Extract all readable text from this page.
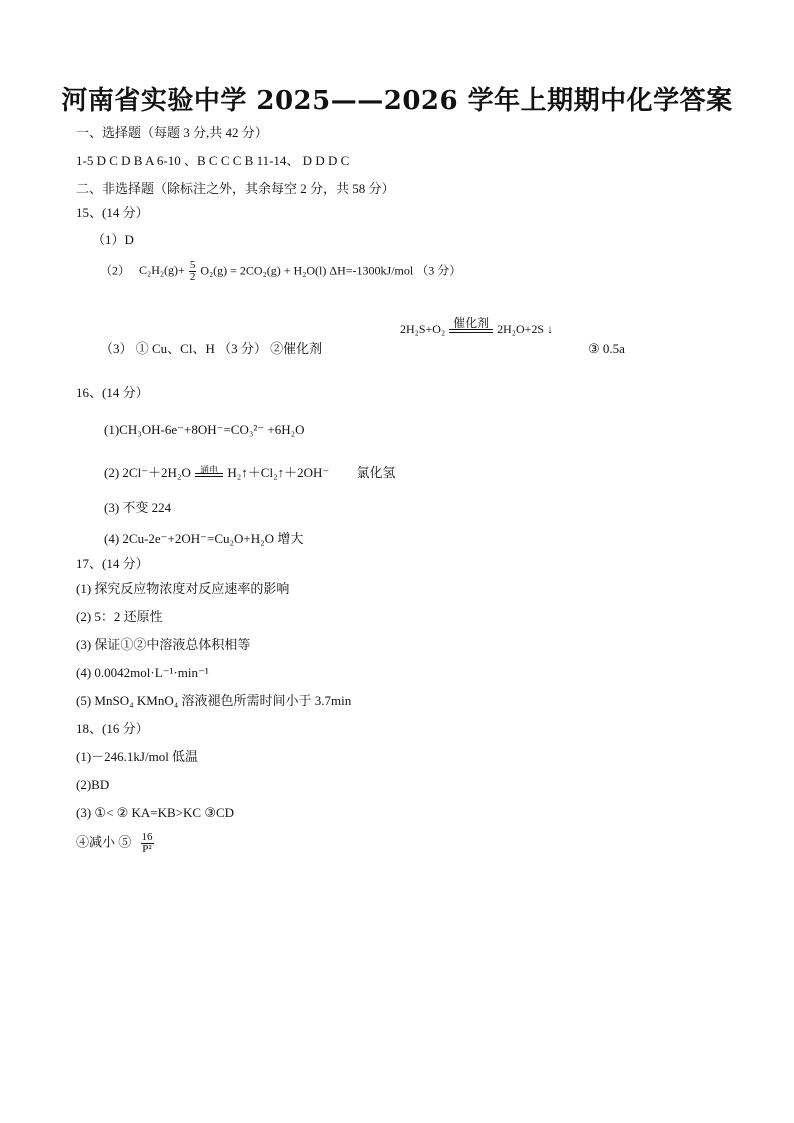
河南省实验中学 2025——2026 学年上期期中化学答案
一、选择题（每题 3 分,共 42 分）
1-5 D C D B A 6-10 、B C C C B 11-14、 D D D C
二、非选择题（除标注之外，其余每空 2 分，共 58 分）
15、(14 分）
（1）D
（2） $C_2H_2(g)+ \frac{5}{2} O_2(g) = 2CO_2(g) + H_2O(l)$ ΔH=-1300kJ/mol （3 分）
（3） ① Cu、Cl、H （3 分） ②催化剂
2H₂S+O₂ 催化剂 2H₂O+2S ↓
③ 0.5a
16、(14 分）
(1)CH₃OH-6e⁻+8OH⁻=CO₃²⁻ +6H₂O
(2) 2Cl⁻＋2H₂O	通电 H₂↑＋Cl₂↑＋2OH⁻ 氯化氢
(3) 不变 224
(4) 2Cu-2e⁻+2OH⁻=Cu₂O+H₂O 增大
17、(14 分）
(1) 探究反应物浓度对反应速率的影响
(2) 5：2 还原性
(3) 保证①②中溶液总体积相等
(4) 0.0042mol·L⁻¹·min⁻¹
(5) MnSO₄ KMnO₄ 溶液褪色所需时间小于 3.7min
18、(16 分）
(1)－246.1kJ/mol 低温
(2)BD
(3) ①< ② KA=KB>KC ③CD
④减小 ⑤ $\frac{16}{\text{P²}}$
